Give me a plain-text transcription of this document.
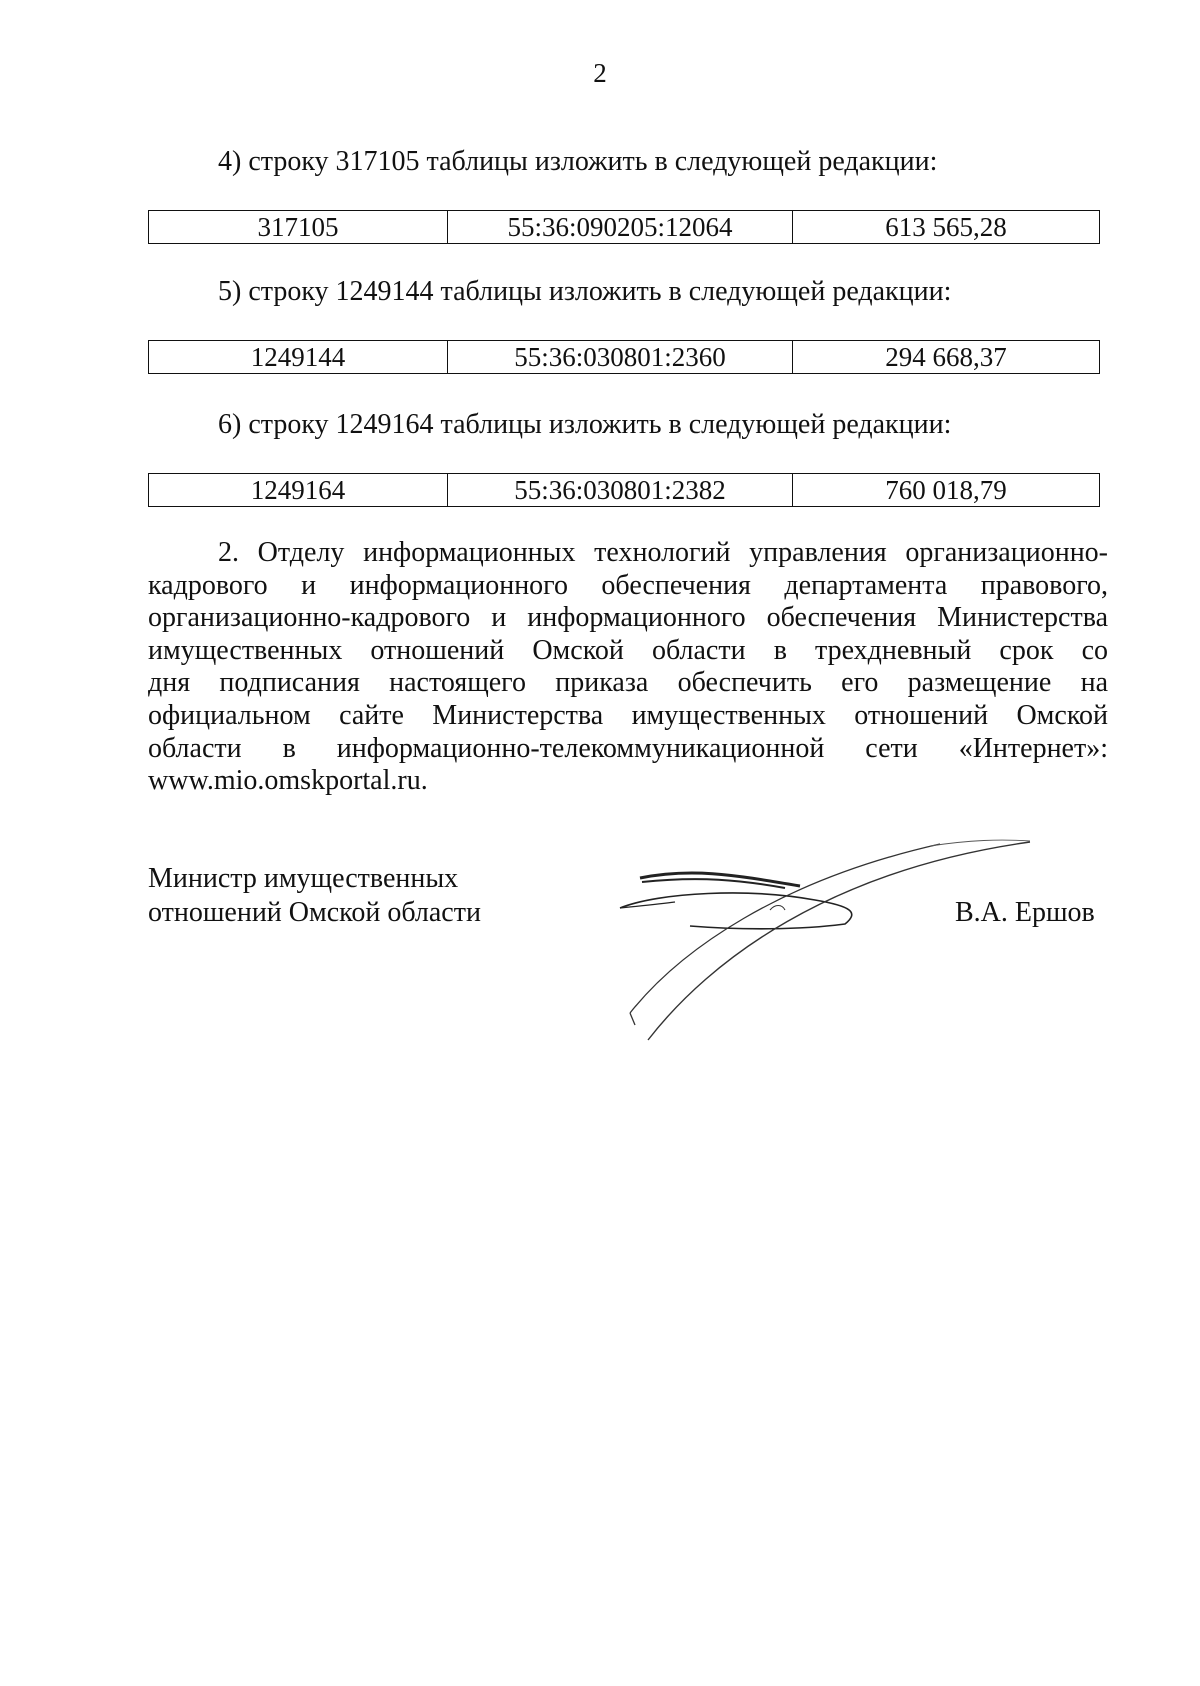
2
4) строку 317105 таблицы изложить в следующей редакции:
317105	55:36:090205:12064	613 565,28
5) строку 1249144 таблицы изложить в следующей редакции:
1249144	55:36:030801:2360	294 668,37
6) строку 1249164 таблицы изложить в следующей редакции:
1249164	55:36:030801:2382	760 018,79
2. Отделу информационных технологий управления организационно-
кадрового и информационного обеспечения департамента правового,
организационно-кадрового и информационного обеспечения Министерства
имущественных отношений Омской области в трехдневный срок со
дня подписания настоящего приказа обеспечить его размещение на
официальном сайте Министерства имущественных отношений Омской
области в информационно-телекоммуникационной сети «Интернет»:
www.mio.omskportal.ru.
Министр имущественных
отношений Омской области	В.А. Ершов
